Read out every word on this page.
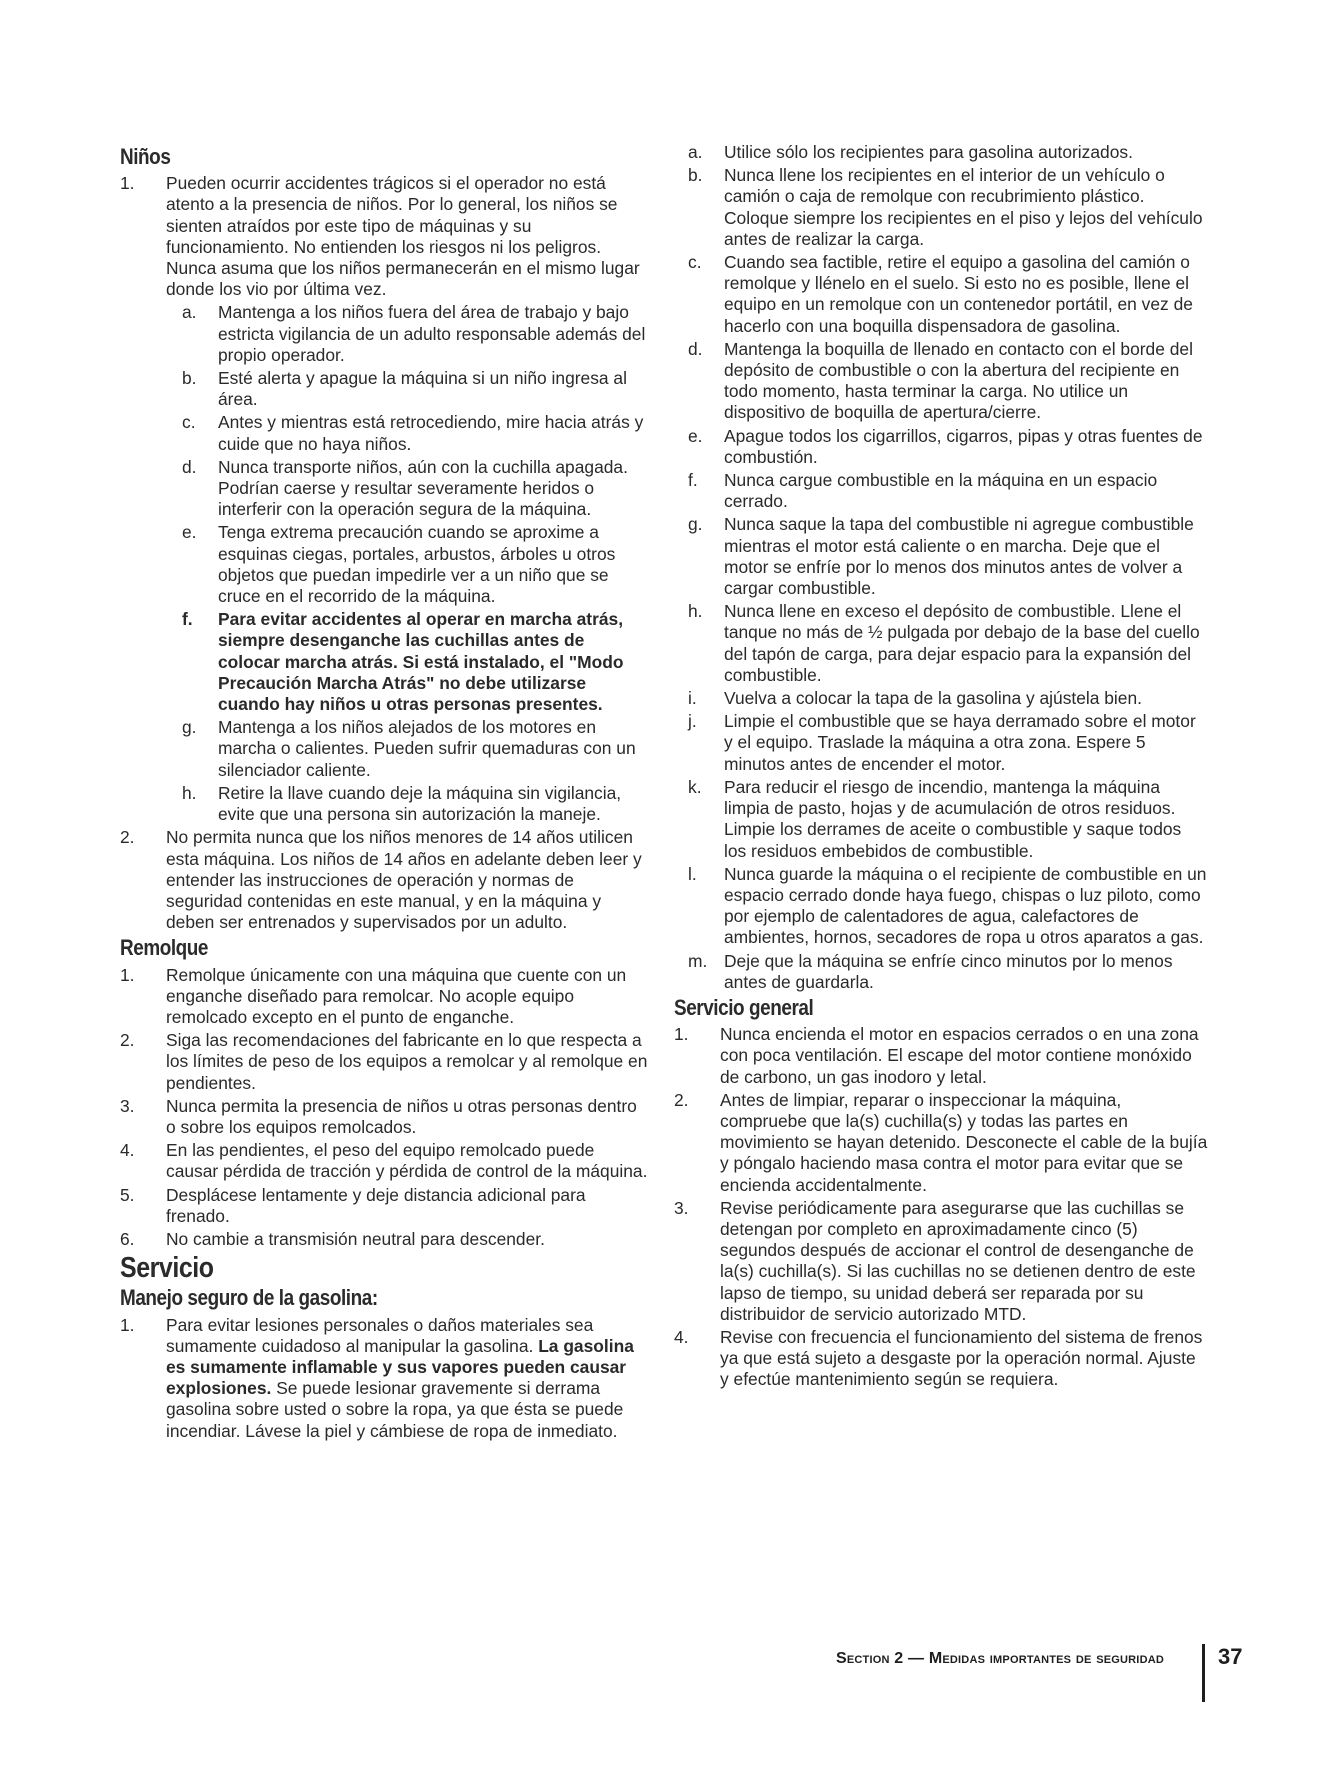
Niños
1. Pueden ocurrir accidentes trágicos si el operador no está atento a la presencia de niños. Por lo general, los niños se sienten atraídos por este tipo de máquinas y su funcionamiento. No entienden los riesgos ni los peligros. Nunca asuma que los niños permanecerán en el mismo lugar donde los vio por última vez.
a. Mantenga a los niños fuera del área de trabajo y bajo estricta vigilancia de un adulto responsable además del propio operador.
b. Esté alerta y apague la máquina si un niño ingresa al área.
c. Antes y mientras está retrocediendo, mire hacia atrás y cuide que no haya niños.
d. Nunca transporte niños, aún con la cuchilla apagada. Podrían caerse y resultar severamente heridos o interferir con la operación segura de la máquina.
e. Tenga extrema precaución cuando se aproxime a esquinas ciegas, portales, arbustos, árboles u otros objetos que puedan impedirle ver a un niño que se cruce en el recorrido de la máquina.
f. Para evitar accidentes al operar en marcha atrás, siempre desenganche las cuchillas antes de colocar marcha atrás. Si está instalado, el "Modo Precaución Marcha Atrás" no debe utilizarse cuando hay niños u otras personas presentes.
g. Mantenga a los niños alejados de los motores en marcha o calientes. Pueden sufrir quemaduras con un silenciador caliente.
h. Retire la llave cuando deje la máquina sin vigilancia, evite que una persona sin autorización la maneje.
2. No permita nunca que los niños menores de 14 años utilicen esta máquina. Los niños de 14 años en adelante deben leer y entender las instrucciones de operación y normas de seguridad contenidas en este manual, y en la máquina y deben ser entrenados y supervisados por un adulto.
Remolque
1. Remolque únicamente con una máquina que cuente con un enganche diseñado para remolcar. No acople equipo remolcado excepto en el punto de enganche.
2. Siga las recomendaciones del fabricante en lo que respecta a los límites de peso de los equipos a remolcar y al remolque en pendientes.
3. Nunca permita la presencia de niños u otras personas dentro o sobre los equipos remolcados.
4. En las pendientes, el peso del equipo remolcado puede causar pérdida de tracción y pérdida de control de la máquina.
5. Desplácese lentamente y deje distancia adicional para frenado.
6. No cambie a transmisión neutral para descender.
Servicio
Manejo seguro de la gasolina:
1. Para evitar lesiones personales o daños materiales sea sumamente cuidadoso al manipular la gasolina. La gasolina es sumamente inflamable y sus vapores pueden causar explosiones. Se puede lesionar gravemente si derrama gasolina sobre usted o sobre la ropa, ya que ésta se puede incendiar. Lávese la piel y cámbiese de ropa de inmediato.
a. Utilice sólo los recipientes para gasolina autorizados.
b. Nunca llene los recipientes en el interior de un vehículo o camión o caja de remolque con recubrimiento plástico. Coloque siempre los recipientes en el piso y lejos del vehículo antes de realizar la carga.
c. Cuando sea factible, retire el equipo a gasolina del camión o remolque y llénelo en el suelo. Si esto no es posible, llene el equipo en un remolque con un contenedor portátil, en vez de hacerlo con una boquilla dispensadora de gasolina.
d. Mantenga la boquilla de llenado en contacto con el borde del depósito de combustible o con la abertura del recipiente en todo momento, hasta terminar la carga. No utilice un dispositivo de boquilla de apertura/cierre.
e. Apague todos los cigarrillos, cigarros, pipas y otras fuentes de combustión.
f. Nunca cargue combustible en la máquina en un espacio cerrado.
g. Nunca saque la tapa del combustible ni agregue combustible mientras el motor está caliente o en marcha. Deje que el motor se enfríe por lo menos dos minutos antes de volver a cargar combustible.
h. Nunca llene en exceso el depósito de combustible. Llene el tanque no más de ½ pulgada por debajo de la base del cuello del tapón de carga, para dejar espacio para la expansión del combustible.
i. Vuelva a colocar la tapa de la gasolina y ajústela bien.
j. Limpie el combustible que se haya derramado sobre el motor y el equipo. Traslade la máquina a otra zona. Espere 5 minutos antes de encender el motor.
k. Para reducir el riesgo de incendio, mantenga la máquina limpia de pasto, hojas y de acumulación de otros residuos. Limpie los derrames de aceite o combustible y saque todos los residuos embebidos de combustible.
l. Nunca guarde la máquina o el recipiente de combustible en un espacio cerrado donde haya fuego, chispas o luz piloto, como por ejemplo de calentadores de agua, calefactores de ambientes, hornos, secadores de ropa u otros aparatos a gas.
m. Deje que la máquina se enfríe cinco minutos por lo menos antes de guardarla.
Servicio general
1. Nunca encienda el motor en espacios cerrados o en una zona con poca ventilación. El escape del motor contiene monóxido de carbono, un gas inodoro y letal.
2. Antes de limpiar, reparar o inspeccionar la máquina, compruebe que la(s) cuchilla(s) y todas las partes en movimiento se hayan detenido. Desconecte el cable de la bujía y póngalo haciendo masa contra el motor para evitar que se encienda accidentalmente.
3. Revise periódicamente para asegurarse que las cuchillas se detengan por completo en aproximadamente cinco (5) segundos después de accionar el control de desenganche de la(s) cuchilla(s). Si las cuchillas no se detienen dentro de este lapso de tiempo, su unidad deberá ser reparada por su distribuidor de servicio autorizado MTD.
4. Revise con frecuencia el funcionamiento del sistema de frenos ya que está sujeto a desgaste por la operación normal. Ajuste y efectúe mantenimiento según se requiera.
Section 2 — Medidas importantes de seguridad 37
